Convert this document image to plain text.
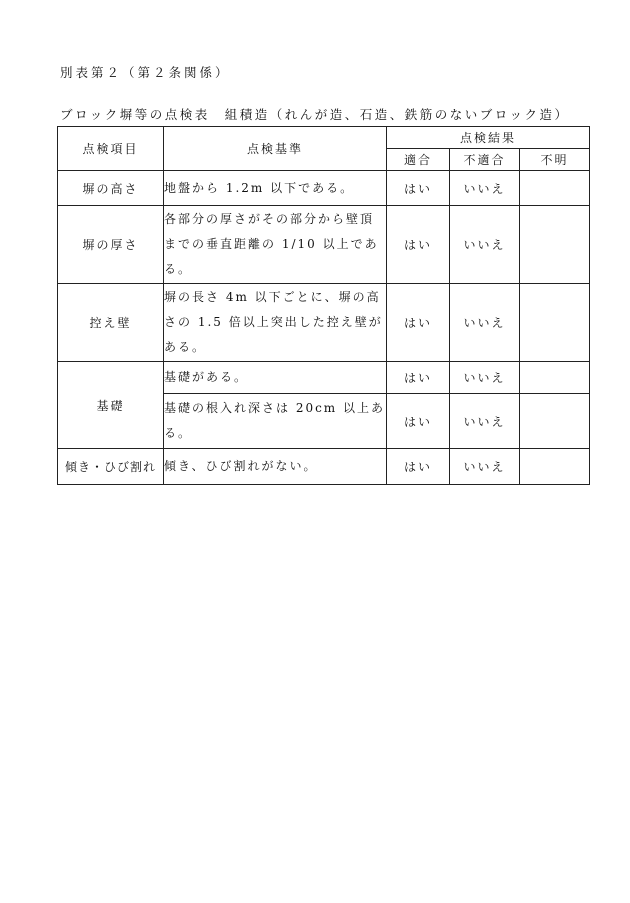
別表第２（第２条関係）
ブロック塀等の点検表　組積造（れんが造、石造、鉄筋のないブロック造）
点検項目	点検基準	点検結果		
		適合	不適合	不明
塀の高さ	地盤から 1.2m 以下である。	はい	いいえ	
塀の厚さ	各部分の厚さがその部分から壁頂までの垂直距離の 1/10 以上である。	はい	いいえ	
控え壁	塀の長さ 4m 以下ごとに、塀の高さの 1.5 倍以上突出した控え壁がある。	はい	いいえ	
基礎	基礎がある。	はい	いいえ	
	基礎の根入れ深さは 20cm 以上ある。	はい	いいえ	
傾き・ひび割れ	傾き、ひび割れがない。	はい	いいえ	
